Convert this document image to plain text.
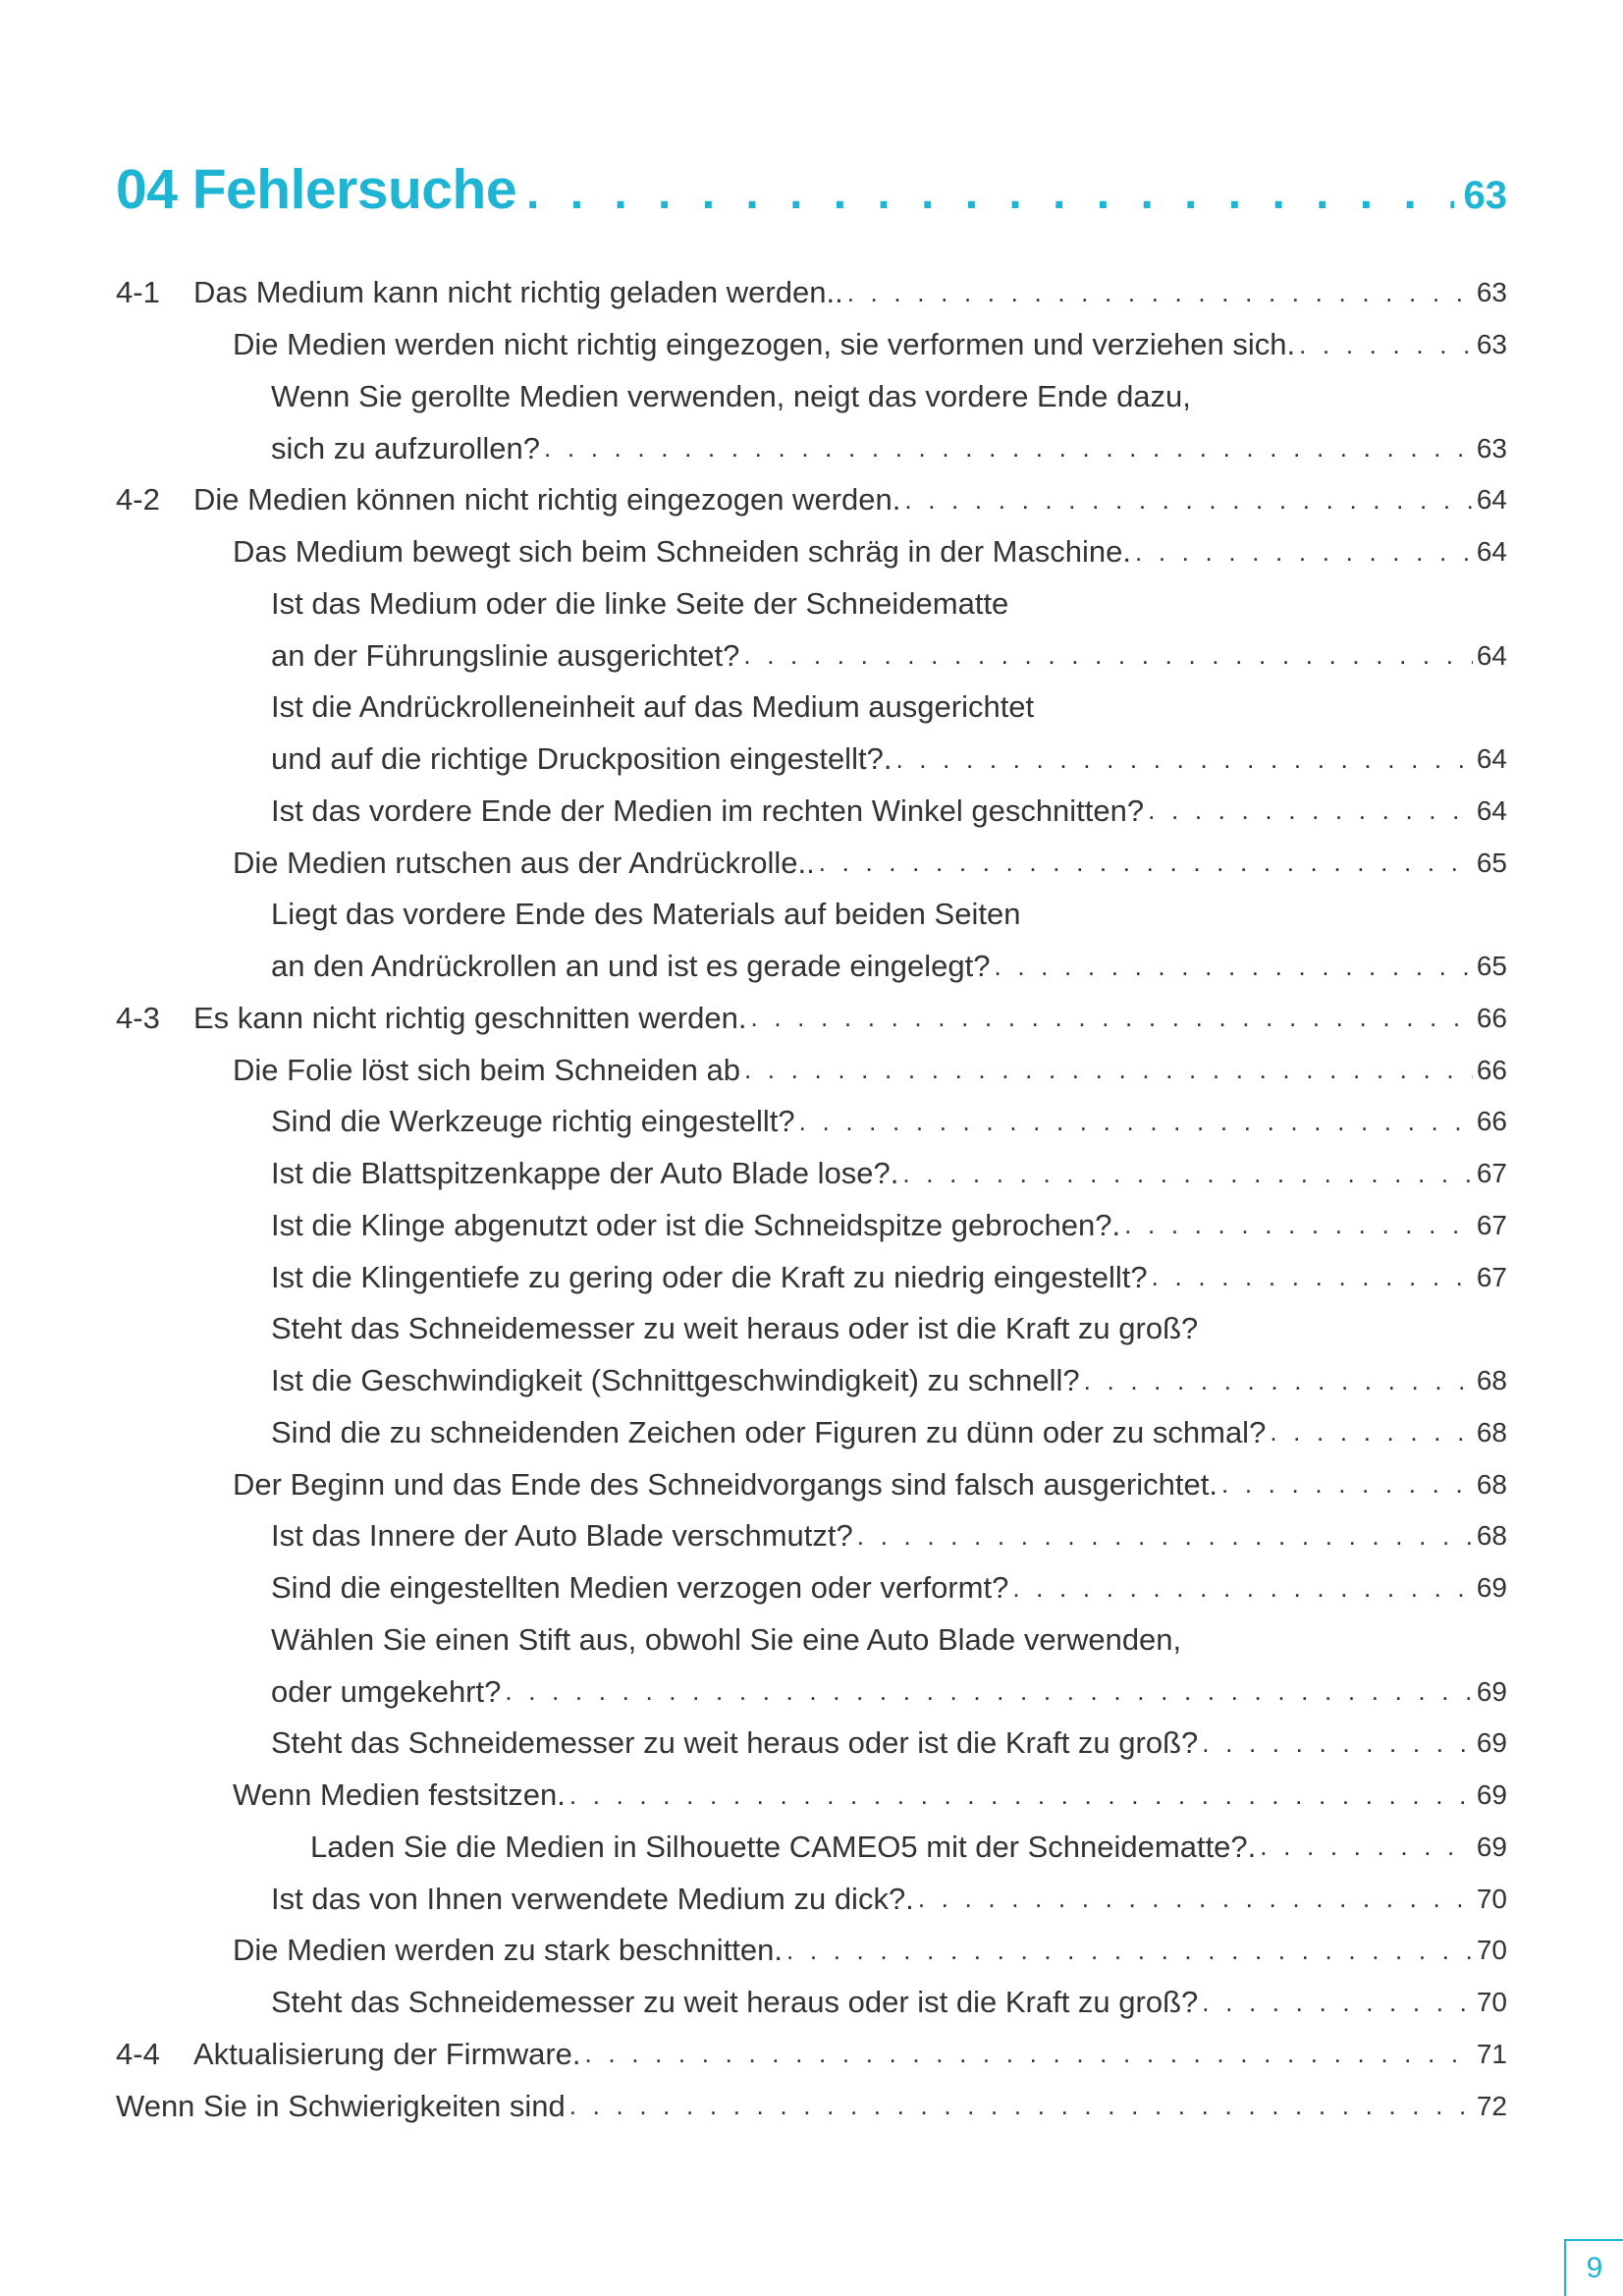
04 Fehlersuche . . .	63
4-1	Das Medium kann nicht richtig geladen werden.. . . .	63
Die Medien werden nicht richtig eingezogen, sie verformen und verziehen sich. . . .	63
Wenn Sie gerollte Medien verwenden, neigt das vordere Ende dazu,
sich zu aufzurollen? . . .	63
4-2	Die Medien können nicht richtig eingezogen werden. . . .	64
Das Medium bewegt sich beim Schneiden schräg in der Maschine. . . .	64
Ist das Medium oder die linke Seite der Schneidematte
an der Führungslinie ausgerichtet? . . .	64
Ist die Andrückrolleneinheit auf das Medium ausgerichtet
und auf die richtige Druckposition eingestellt?. . . .	64
Ist das vordere Ende der Medien im rechten Winkel geschnitten? . . .	64
Die Medien rutschen aus der Andrückrolle.. . . .	65
Liegt das vordere Ende des Materials auf beiden Seiten
an den Andrückrollen an und ist es gerade eingelegt? . . .	65
4-3	Es kann nicht richtig geschnitten werden. . . .	66
Die Folie löst sich beim Schneiden ab . . .	66
Sind die Werkzeuge richtig eingestellt? . . .	66
Ist die Blattspitzenkappe der Auto Blade lose?. . . .	67
Ist die Klinge abgenutzt oder ist die Schneidspitze gebrochen?. . . .	67
Ist die Klingentiefe zu gering oder die Kraft zu niedrig eingestellt? . . .	67
Steht das Schneidemesser zu weit heraus oder ist die Kraft zu groß?
Ist die Geschwindigkeit (Schnittgeschwindigkeit) zu schnell? . . .	68
Sind die zu schneidenden Zeichen oder Figuren zu dünn oder zu schmal? . . .	68
Der Beginn und das Ende des Schneidvorgangs sind falsch ausgerichtet. . . .	68
Ist das Innere der Auto Blade verschmutzt? . . .	68
Sind die eingestellten Medien verzogen oder verformt? . . .	69
Wählen Sie einen Stift aus, obwohl Sie eine Auto Blade verwenden,
oder umgekehrt? . . .	69
Steht das Schneidemesser zu weit heraus oder ist die Kraft zu groß? . . .	69
Wenn Medien festsitzen. . . .	69
Laden Sie die Medien in Silhouette CAMEO5 mit der Schneidematte?. . . .	69
Ist das von Ihnen verwendete Medium zu dick?. . . .	70
Die Medien werden zu stark beschnitten. . . .	70
Steht das Schneidemesser zu weit heraus oder ist die Kraft zu groß? . . .	70
4-4	Aktualisierung der Firmware. . . .	71
Wenn Sie in Schwierigkeiten sind . . .	72
9
